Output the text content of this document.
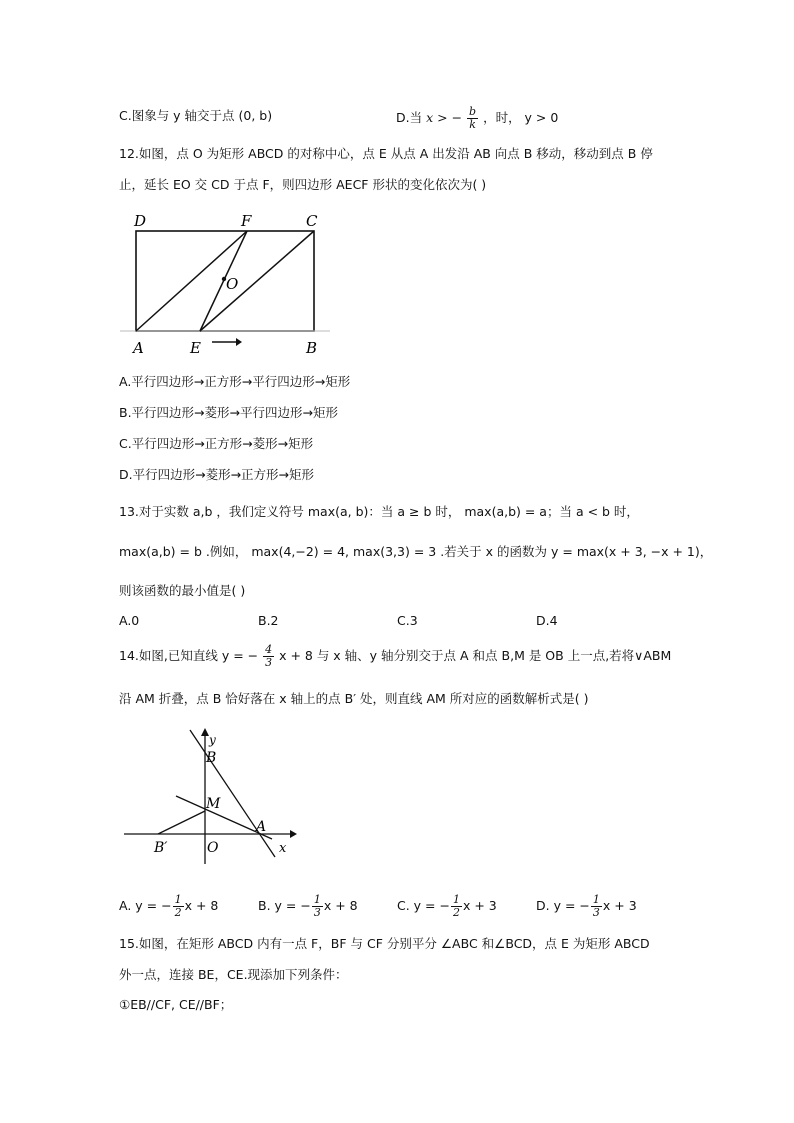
C.图象与 y 轴交于点 (0, b)	D.当 x > − $\frac{b}{k}$ ，时， y > 0
12.如图，点 O 为矩形 ABCD 的对称中心，点 E 从点 A 出发沿 AB 向点 B 移动，移动到点 B 停
止，延长 EO 交 CD 于点 F，则四边形 AECF 形状的变化依次为( )
D	F	C
O
A	E	B
A.平行四边形→正方形→平行四边形→矩形
B.平行四边形→菱形→平行四边形→矩形
C.平行四边形→正方形→菱形→矩形
D.平行四边形→菱形→正方形→矩形
13.对于实数 a,b ，我们定义符号 max(a, b)：当 a ≥ b 时， max(a,b) = a；当 a < b 时，
max(a,b) = b .例如， max(4,−2) = 4, max(3,3) = 3 .若关于 x 的函数为 y = max(x + 3, −x + 1)，
则该函数的最小值是( )
A.0	B.2	C.3	D.4
14.如图,已知直线 y = − $\frac{4}{3}$ x + 8 与 x 轴、y 轴分别交于点 A 和点 B,M 是 OB 上一点,若将∨ABM
沿 AM 折叠，点 B 恰好落在 x 轴上的点 B′ 处，则直线 AM 所对应的函数解析式是( )
y
B
M
A
B′	O	x
A. y = − $\frac{1}{2}$ x + 8	B. y = − $\frac{1}{3}$ x + 8	C. y = − $\frac{1}{2}$ x + 3	D. y = − $\frac{1}{3}$ x + 3
15.如图，在矩形 ABCD 内有一点 F，BF 与 CF 分别平分 ∠ABC 和∠BCD，点 E 为矩形 ABCD
外一点，连接 BE，CE.现添加下列条件：
①EB//CF, CE//BF；
